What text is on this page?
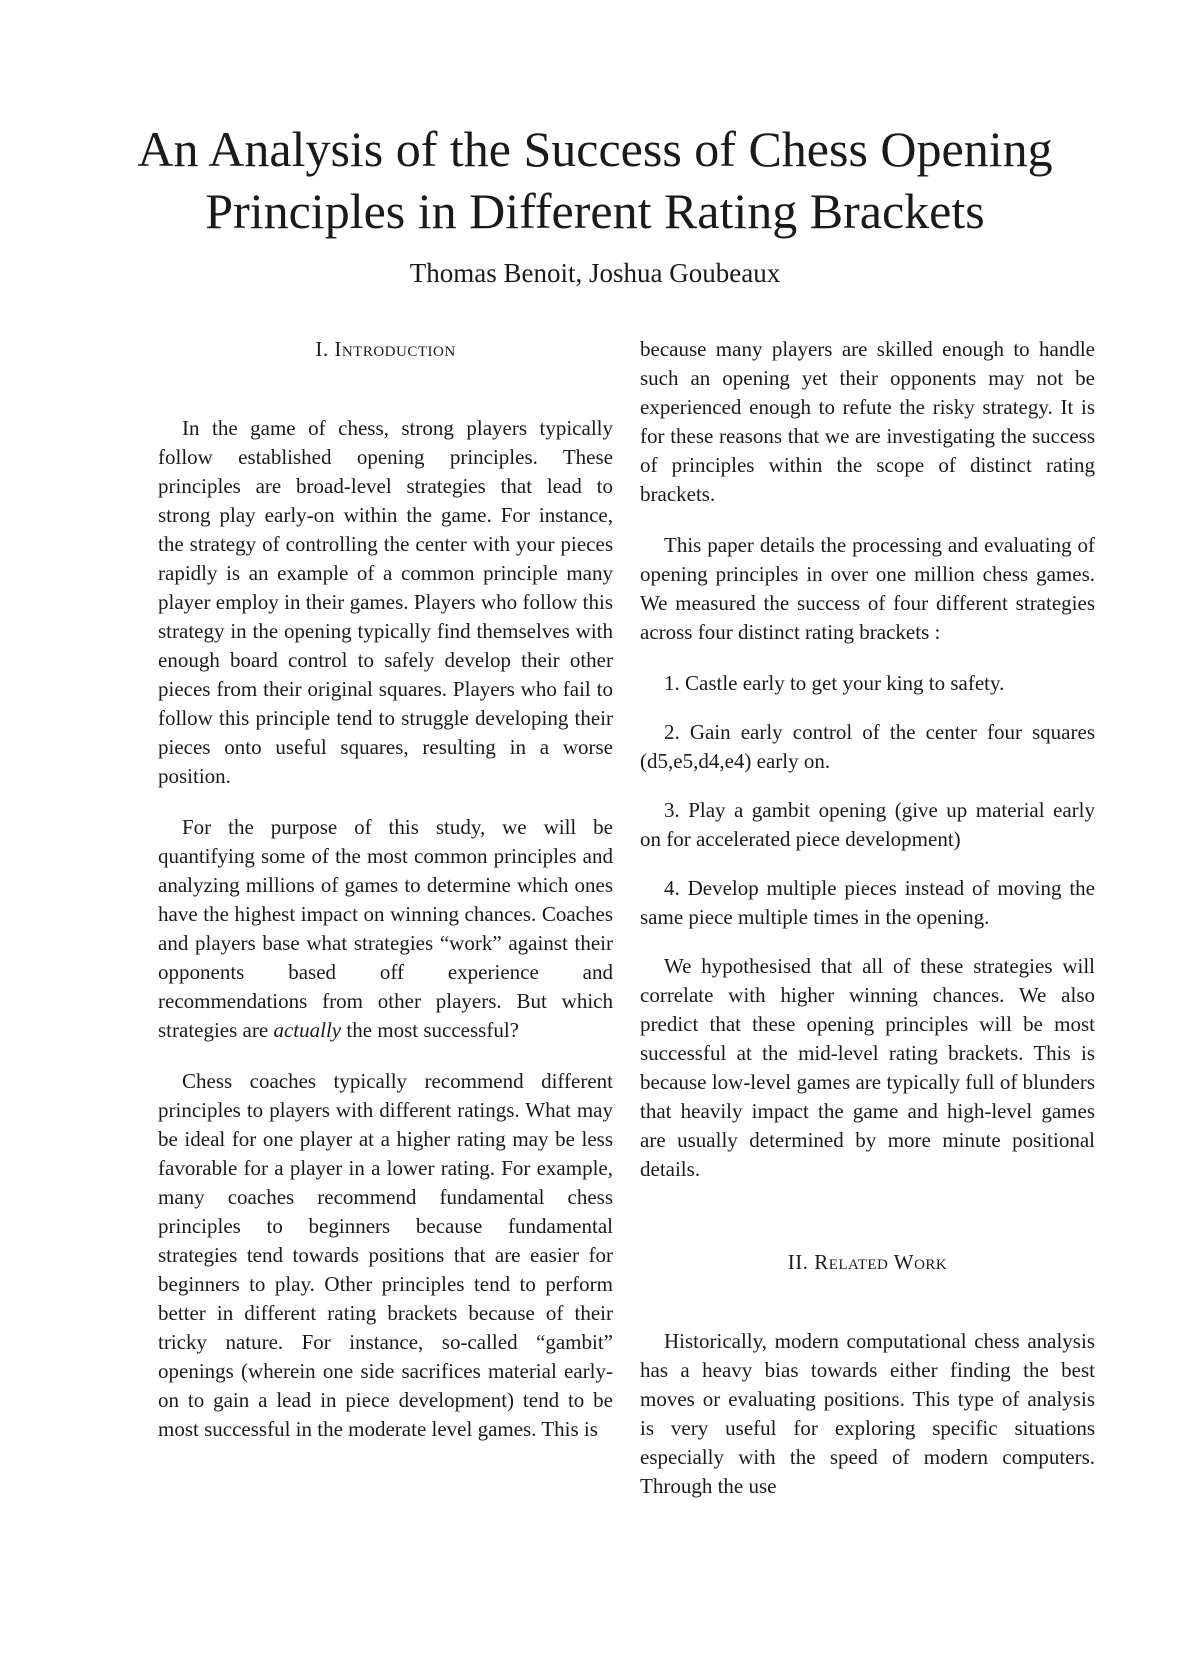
An Analysis of the Success of Chess Opening Principles in Different Rating Brackets
Thomas Benoit, Joshua Goubeaux
I. Introduction

In the game of chess, strong players typically follow established opening principles. These principles are broad-level strategies that lead to strong play early-on within the game. For instance, the strategy of controlling the center with your pieces rapidly is an example of a common principle many player employ in their games. Players who follow this strategy in the opening typically find themselves with enough board control to safely develop their other pieces from their original squares. Players who fail to follow this principle tend to struggle developing their pieces onto useful squares, resulting in a worse position.

For the purpose of this study, we will be quantifying some of the most common principles and analyzing millions of games to determine which ones have the highest impact on winning chances. Coaches and players base what strategies “work” against their opponents based off experience and recommendations from other players. But which strategies are actually the most successful?

Chess coaches typically recommend different principles to players with different ratings. What may be ideal for one player at a higher rating may be less favorable for a player in a lower rating. For example, many coaches recommend fundamental chess principles to beginners because fundamental strategies tend towards positions that are easier for beginners to play. Other principles tend to perform better in different rating brackets because of their tricky nature. For instance, so-called “gambit” openings (wherein one side sacrifices material early-on to gain a lead in piece development) tend to be most successful in the moderate level games. This is

because many players are skilled enough to handle such an opening yet their opponents may not be experienced enough to refute the risky strategy. It is for these reasons that we are investigating the success of principles within the scope of distinct rating brackets.

This paper details the processing and evaluating of opening principles in over one million chess games. We measured the success of four different strategies across four distinct rating brackets :

1. Castle early to get your king to safety.

2. Gain early control of the center four squares (d5,e5,d4,e4) early on.

3. Play a gambit opening (give up material early on for accelerated piece development)

4. Develop multiple pieces instead of moving the same piece multiple times in the opening.

We hypothesised that all of these strategies will correlate with higher winning chances. We also predict that these opening principles will be most successful at the mid-level rating brackets. This is because low-level games are typically full of blunders that heavily impact the game and high-level games are usually determined by more minute positional details.

II. Related Work

Historically, modern computational chess analysis has a heavy bias towards either finding the best moves or evaluating positions. This type of analysis is very useful for exploring specific situations especially with the speed of modern computers. Through the use
